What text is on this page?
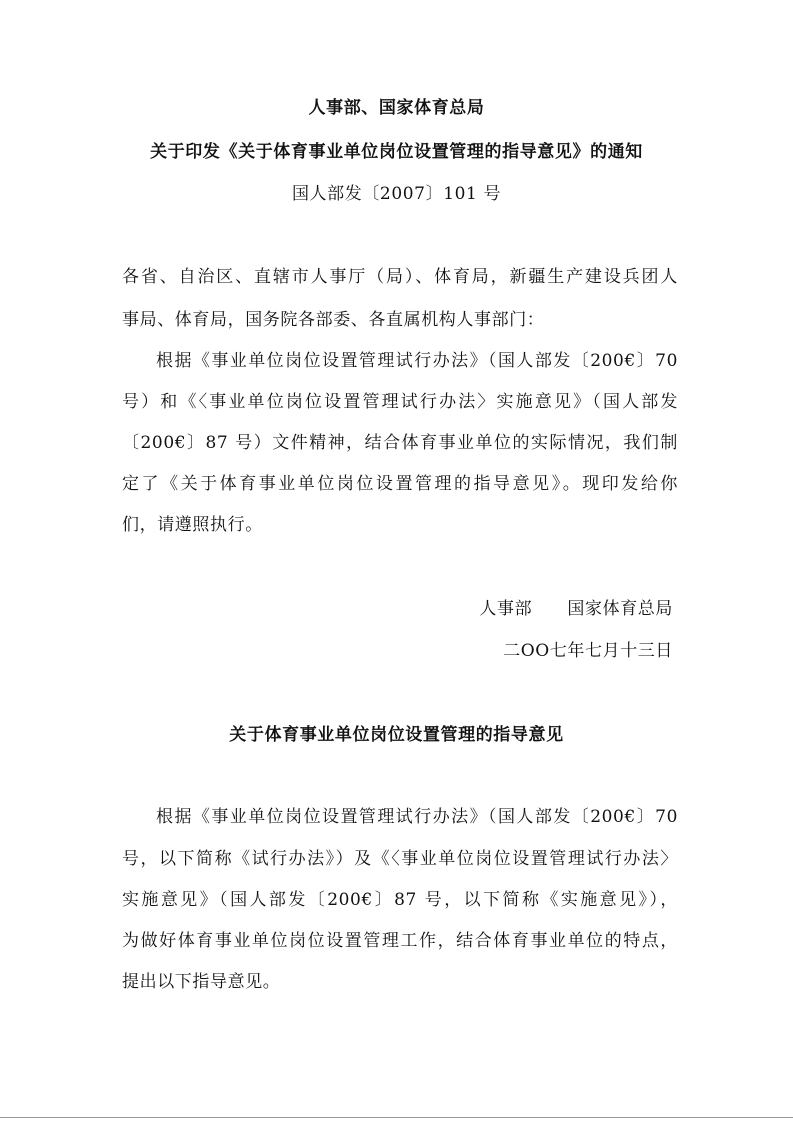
人事部、国家体育总局
关于印发《关于体育事业单位岗位设置管理的指导意见》的通知
国人部发〔2007〕101 号
各省、自治区、直辖市人事厅（局）、体育局，新疆生产建设兵团人
事局、体育局，国务院各部委、各直属机构人事部门：
根据《事业单位岗位设置管理试行办法》（国人部发〔200€〕70
号）和《〈事业单位岗位设置管理试行办法〉实施意见》（国人部发
〔200€〕87 号）文件精神，结合体育事业单位的实际情况，我们制
定了《关于体育事业单位岗位设置管理的指导意见》。现印发给你
们，请遵照执行。
人事部　　国家体育总局
二OO七年七月十三日
关于体育事业单位岗位设置管理的指导意见
根据《事业单位岗位设置管理试行办法》（国人部发〔200€〕70
号，以下简称《试行办法》）及《〈事业单位岗位设置管理试行办法〉
实施意见》（国人部发〔200€〕87 号，以下简称《实施意见》），
为做好体育事业单位岗位设置管理工作，结合体育事业单位的特点，
提出以下指导意见。
